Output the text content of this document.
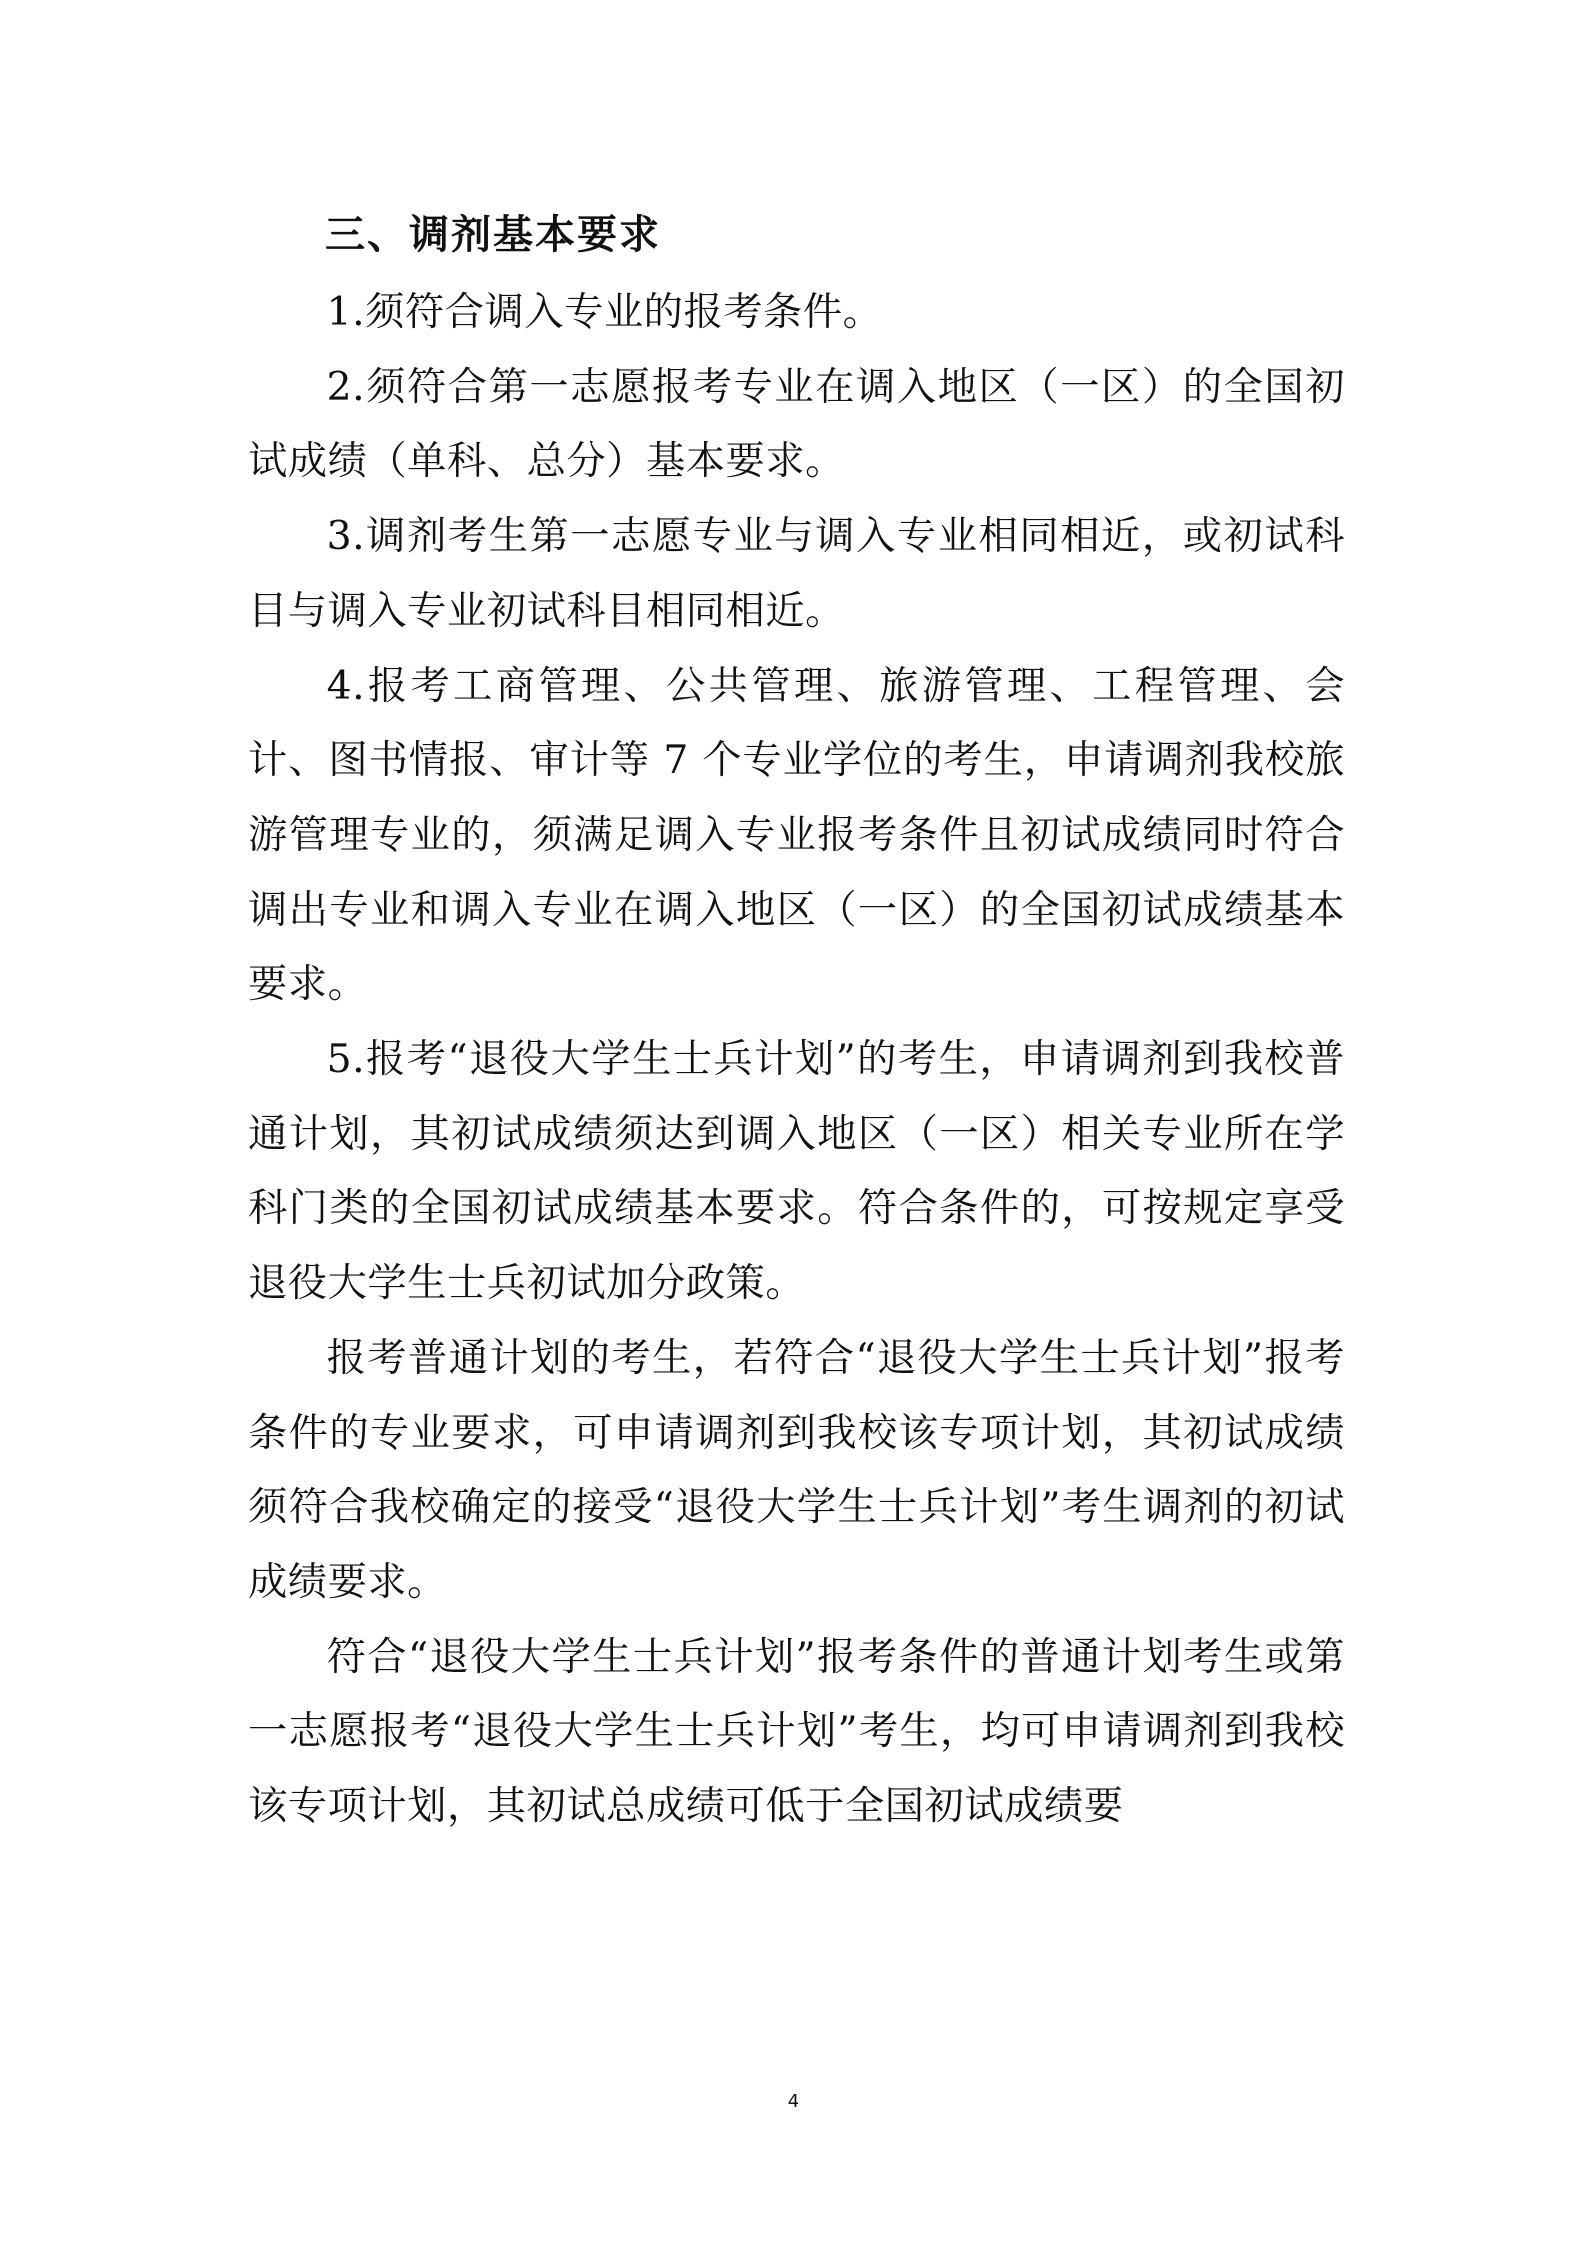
三、调剂基本要求

1.须符合调入专业的报考条件。

2.须符合第一志愿报考专业在调入地区（一区）的全国初试成绩（单科、总分）基本要求。

3.调剂考生第一志愿专业与调入专业相同相近，或初试科目与调入专业初试科目相同相近。

4.报考工商管理、公共管理、旅游管理、工程管理、会计、图书情报、审计等 7 个专业学位的考生，申请调剂我校旅游管理专业的，须满足调入专业报考条件且初试成绩同时符合调出专业和调入专业在调入地区（一区）的全国初试成绩基本要求。

5.报考“退役大学生士兵计划”的考生，申请调剂到我校普通计划，其初试成绩须达到调入地区（一区）相关专业所在学科门类的全国初试成绩基本要求。符合条件的，可按规定享受退役大学生士兵初试加分政策。

报考普通计划的考生，若符合“退役大学生士兵计划”报考条件的专业要求，可申请调剂到我校该专项计划，其初试成绩须符合我校确定的接受“退役大学生士兵计划”考生调剂的初试成绩要求。

符合“退役大学生士兵计划”报考条件的普通计划考生或第一志愿报考“退役大学生士兵计划”考生，均可申请调剂到我校该专项计划，其初试总成绩可低于全国初试成绩要

4
